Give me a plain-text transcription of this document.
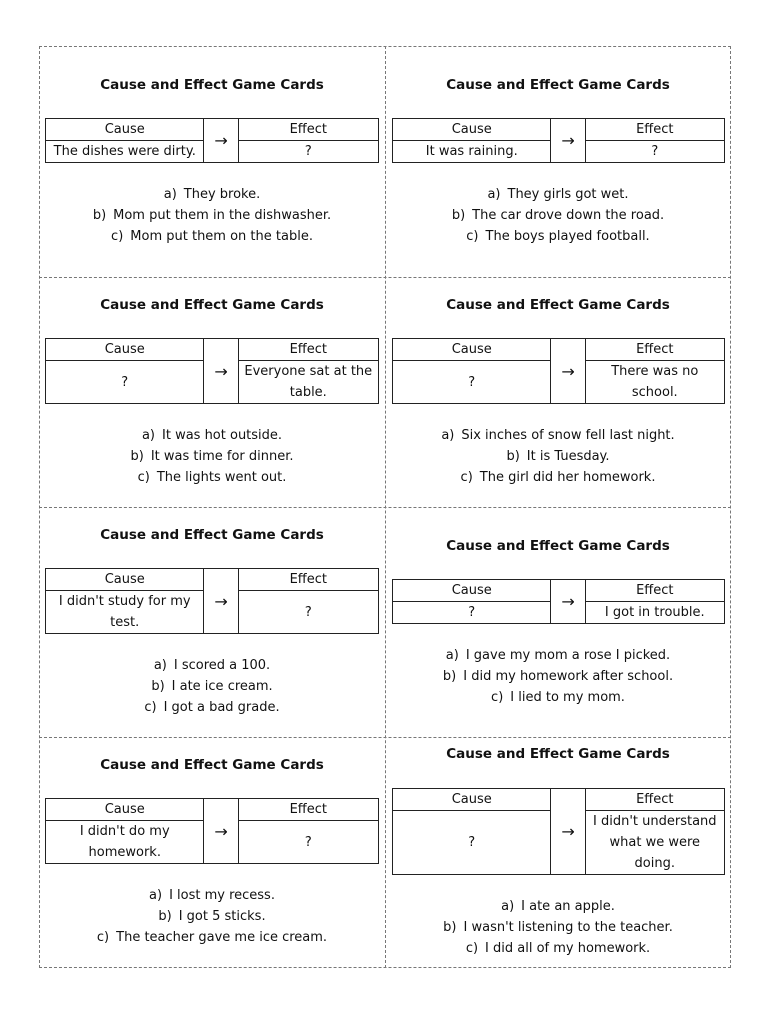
Cause and Effect Game Cards
Cause	→	Effect
The dishes were dirty.		?
a) They broke.
b) Mom put them in the dishwasher.
c) Mom put them on the table.
Cause and Effect Game Cards
Cause	→	Effect
It was raining.		?
a) They girls got wet.
b) The car drove down the road.
c) The boys played football.
Cause and Effect Game Cards
Cause	→	Effect
?		Everyone sat at the table.
a) It was hot outside.
b) It was time for dinner.
c) The lights went out.
Cause and Effect Game Cards
Cause	→	Effect
?		There was no school.
a) Six inches of snow fell last night.
b) It is Tuesday.
c) The girl did her homework.
Cause and Effect Game Cards
Cause	→	Effect
I didn't study for my test.		?
a) I scored a 100.
b) I ate ice cream.
c) I got a bad grade.
Cause and Effect Game Cards
Cause	→	Effect
?		I got in trouble.
a) I gave my mom a rose I picked.
b) I did my homework after school.
c) I lied to my mom.
Cause and Effect Game Cards
Cause	→	Effect
I didn't do my homework.		?
a) I lost my recess.
b) I got 5 sticks.
c) The teacher gave me ice cream.
Cause and Effect Game Cards
Cause	→	Effect
?		I didn't understand what we were doing.
a) I ate an apple.
b) I wasn't listening to the teacher.
c) I did all of my homework.
